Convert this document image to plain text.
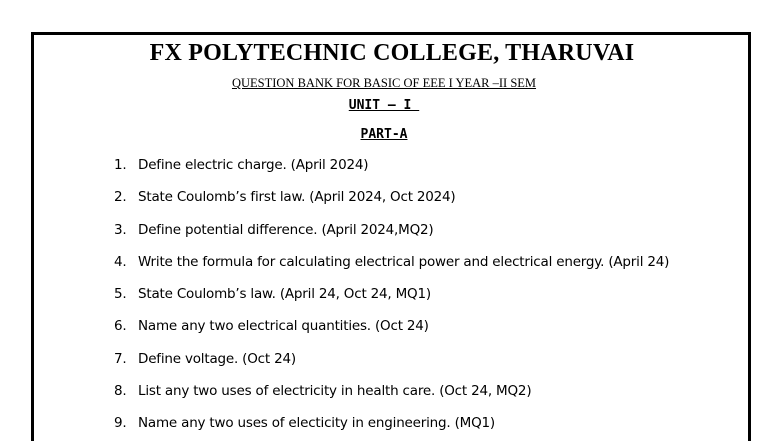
FX POLYTECHNIC COLLEGE, THARUVAI
QUESTION BANK FOR BASIC OF EEE I YEAR –II SEM
UNIT – I
PART-A
1. Define electric charge. (April 2024)
2. State Coulomb’s first law. (April 2024, Oct 2024)
3. Define potential difference. (April 2024,MQ2)
4. Write the formula for calculating electrical power and electrical energy. (April 24)
5. State Coulomb’s law. (April 24, Oct 24, MQ1)
6. Name any two electrical quantities. (Oct 24)
7. Define voltage. (Oct 24)
8. List any two uses of electricity in health care. (Oct 24, MQ2)
9. Name any two uses of electicity in engineering. (MQ1)
